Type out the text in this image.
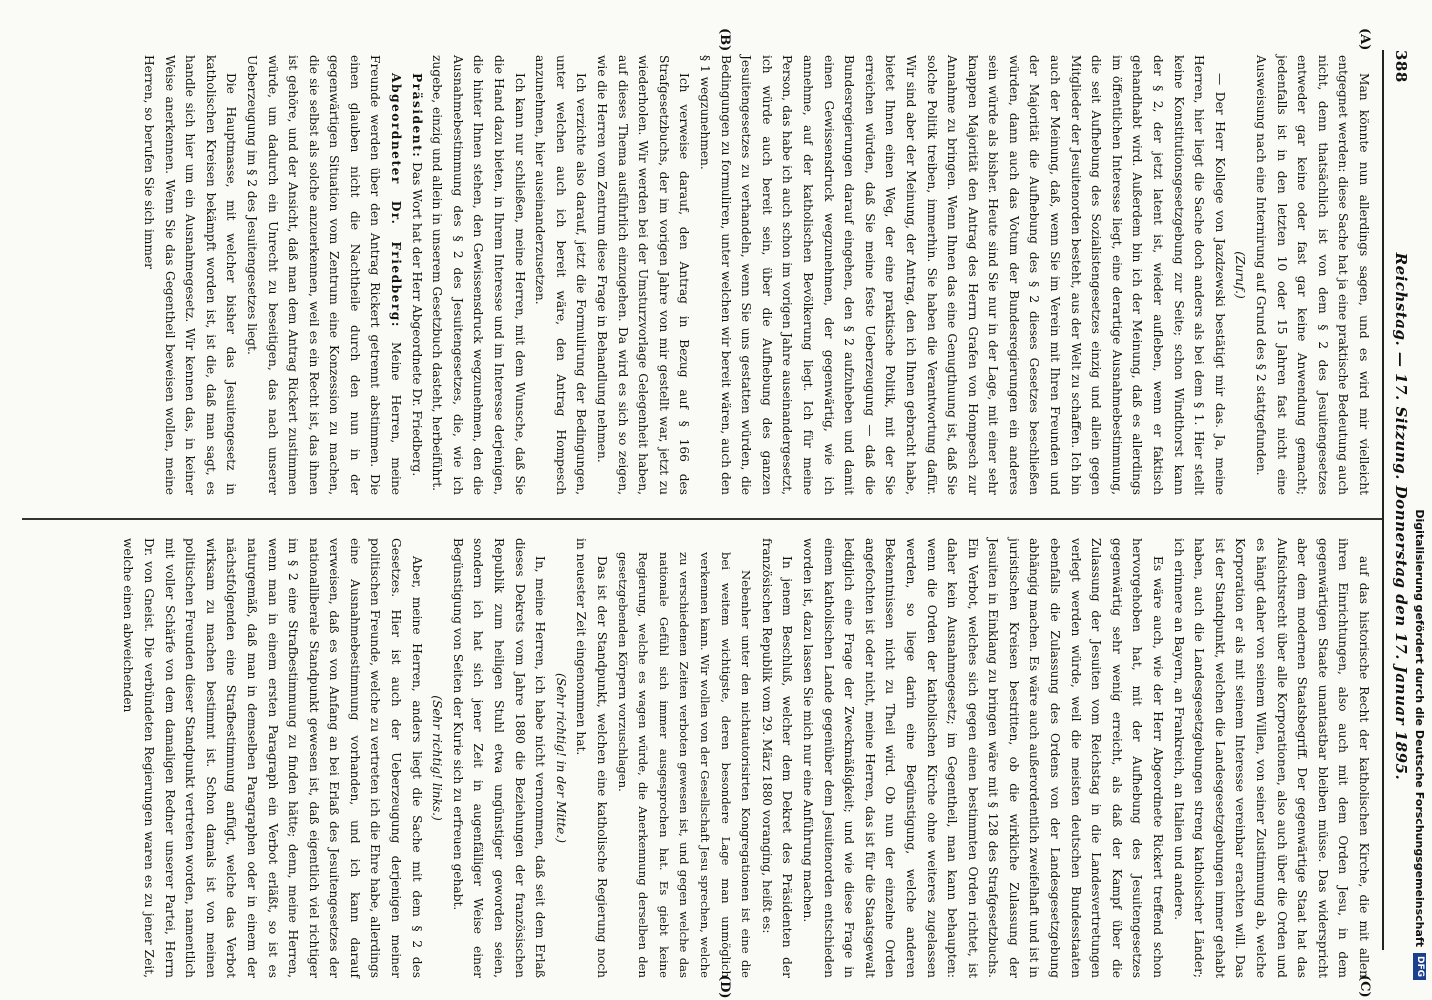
388
Reichstag. — 17. Sitzung. Donnerstag den 17. Januar 1895.
(A)
(B)
(C)
(D)

Man könnte nun allerdings sagen, und es wird mir vielleicht entgegnet werden: diese Sache hat ja eine praktische Bedeutung auch nicht, denn thatsächlich ist von dem § 2 des Jesuitengesetzes entweder gar keine oder fast gar keine Anwendung gemacht; jedenfalls ist in den letzten 10 oder 15 Jahren fast nicht eine Ausweisung nach eine Internirung auf Grund des § 2 stattgefunden.

(Zuruf.)

— Der Herr Kollege von Jazdzewski bestätigt mir das. Ja, meine Herren, hier liegt die Sache doch anders als bei dem § 1. Hier stellt keine Konstitutionsgesetzgebung zur Seite; schon Windthorst kann der § 2, der jetzt latent ist, wieder aufleben, wenn er faktisch gehandhabt wird. Außerdem bin ich der Meinung, daß es allerdings im öffentlichen Interesse liegt, eine derartige Ausnahmebestimmung, die seit Aufhebung des Sozialistengesetzes einzig und allein gegen Mitglieder der Jesuitenorden besteht, aus der Welt zu schaffen. Ich bin auch der Meinung, daß, wenn Sie im Verein mit Ihren Freunden und der Majorität die Aufhebung des § 2 dieses Gesetzes beschließen würden, dann auch das Votum der Bundesregierungen ein anderes sein würde als bisher. Heute sind Sie nur in der Lage, mit einer sehr knappen Majorität den Antrag des Herrn Grafen von Hompesch zur Annahme zu bringen. Wenn Ihnen das eine Genugthuung ist, daß Sie solche Politik treiben, immerhin. Sie haben die Verantwortung dafür. Wir sind aber der Meinung, der Antrag, den ich Ihnen gebracht habe, bietet Ihnen einen Weg, der eine praktische Politik, mit der Sie erreichen würden, daß Sie meine feste Ueberzeugung — daß die Bundesregierungen darauf eingehen, den § 2 aufzuheben und damit einen Gewissensdruck wegzunehmen, der gegenwärtig, wie ich annehme, auf der katholischen Bevölkerung liegt. Ich für meine Person, das habe ich auch schon im vorigen Jahre auseinandergesetzt, ich würde auch bereit sein, über die Aufhebung des ganzen Jesuitengesetzes zu verhandeln, wenn Sie uns gestatten würden, die Bedingungen zu formuliren, unter welchen wir bereit wären, auch den § 1 wegzunehmen.

Ich verweise darauf, den Antrag in Bezug auf § 166 des Strafgesetzbuchs, der im vorigen Jahre von mir gestellt war, jetzt zu wiederholen. Wir werden bei der Umsturzvorlage Gelegenheit haben, auf dieses Thema ausführlich einzugehen. Da wird es sich so zeigen, wie die Herren vom Zentrum diese Frage in Behandlung nehmen.

Ich verzichte also darauf, jetzt die Formulirung der Bedingungen, unter welchen auch ich bereit wäre, den Antrag Hompesch anzunehmen, hier auseinanderzusetzen.

Ich kann nur schließen, meine Herren, mit dem Wunsche, daß Sie die Hand dazu bieten, in Ihrem Interesse und im Interesse derjenigen, die hinter Ihnen stehen, den Gewissensdruck wegzunehmen, den die Ausnahmebestimmung des § 2 des Jesuitengesetzes, die, wie ich zugebe, einzig und allein in unserem Gesetzbuch dasteht, herbeiführt.

Präsident: Das Wort hat der Herr Abgeordnete Dr. Friedberg.

Abgeordneter Dr. Friedberg: Meine Herren, meine Freunde werden über den Antrag Rickert getrennt abstimmen. Die einen glauben nicht die Nachtheile durch den nun in der gegenwärtigen Situation vom Zentrum eine Konzession zu machen, die sie selbst als solche anzuerkennen, weil es ein Recht ist, das ihnen ist gehöre, und der Ansicht, daß man dem Antrag Rickert zustimmen würde, um dadurch ein Unrecht zu beseitigen, das nach unserer Ueberzeugung im § 2 des Jesuitengesetzes liegt.

Die Hauptmasse, mit welcher bisher das Jesuitengesetz in katholischen Kreisen bekämpft worden ist, ist die, daß man sagt, es handle sich hier um ein Ausnahmegesetz. Wir kennen das, in keiner Weise anerkennen. Wenn Sie das Gegentheil beweisen wollen, meine Herren, so berufen Sie sich immer

auf das historische Recht der katholischen Kirche, die mit allen ihren Einrichtungen, also auch mit dem Orden Jesu, in dem gegenwärtigen Staate unantastbar bleiben müsse. Das widerspricht aber dem modernen Staatsbegriff. Der gegenwärtige Staat hat das Aufsichtsrecht über alle Korporationen, also auch über die Orden und es hängt daher von seinem Willen, von seiner Zustimmung ab, welche Korporation er als mit seinem Interesse vereinbar erachten will. Das ist der Standpunkt, welchen die Landesgesetzgebungen immer gehabt haben, auch die Landesgesetzgebungen streng katholischer Länder; ich erinnere an Bayern, an Frankreich, an Italien und andere.

Es wäre auch, wie der Herr Abgeordnete Rickert treffend schon hervorgehoben hat, mit der Aufhebung des Jesuitengesetzes gegenwärtig sehr wenig erreicht, als daß der Kampf über die Zulassung der Jesuiten vom Reichstag in die Landesvertretungen verlegt werden würde, weil die meisten deutschen Bundesstaaten ebenfalls die Zulassung des Ordens von der Landesgesetzgebung abhängig machen. Es wäre auch außerordentlich zweifelhaft und ist in juristischen Kreisen bestritten, ob die wirkliche Zulassung der Jesuiten in Einklang zu bringen wäre mit § 128 des Strafgesetzbuchs. Ein Verbot, welches sich gegen einen bestimmten Orden richtet, ist daher kein Ausnahmegesetz; im Gegentheil, man kann behaupten: wenn die Orden der katholischen Kirche ohne weiteres zugelassen werden, so liege darin eine Begünstigung, welche anderen Bekenntnissen nicht zu Theil wird. Ob nun der einzelne Orden angefochten ist oder nicht, meine Herren, das ist für die Staatsgewalt lediglich eine Frage der Zweckmäßigkeit; und wie diese Frage in einem katholischen Lande gegenüber dem Jesuitenorden entschieden worden ist, dazu lassen Sie mich nur eine Anführung machen.

In jenem Beschluß, welcher dem Dekret des Präsidenten der französischen Republik vom 29. März 1880 voranging, heißt es:

Nebenher unter den nichtautorisirten Kongregationen ist eine die bei weitem wichtigste, deren besondere Lage man unmöglich verkennen kann. Wir wollen von der Gesellschaft Jesu sprechen, welche zu verschiedenen Zeiten verboten gewesen ist, und gegen welche das nationale Gefühl sich immer ausgesprochen hat. Es giebt keine Regierung, welche es wagen würde, die Anerkennung derselben den gesetzgebenden Körpern vorzuschlagen.

Das ist der Standpunkt, welchen eine katholische Regierung noch in neuester Zeit eingenommen hat.

(Sehr richtig! in der Mitte.)

In, meine Herren, ich habe nicht vernommen, daß seit dem Erlaß dieses Dekrets vom Jahre 1880 die Beziehungen der französischen Republik zum heiligen Stuhl etwa ungünstiger geworden seien, sondern ich hat sich jener Zeit in augenfälliger Weise einer Begünstigung von Seiten der Kurie sich zu erfreuen gehabt.

(Sehr richtig! links.)

Aber, meine Herren, anders liegt die Sache mit dem § 2 des Gesetzes. Hier ist auch der Ueberzeugung derjenigen meiner politischen Freunde, welche zu vertreten ich die Ehre habe, allerdings eine Ausnahmebestimmung vorhanden, und ich kann darauf verweisen, daß es von Anfang an bei Erlaß des Jesuitengesetzes der nationalliberale Standpunkt gewesen ist, daß eigentlich viel richtiger im § 2 eine Strafbestimmung zu finden hätte; denn, meine Herren, wenn man in einem ersten Paragraph ein Verbot erläßt, so ist es naturgemäß, daß man in demselben Paragraphen oder in einem der nächstfolgenden eine Strafbestimmung anfügt, welche das Verbot wirksam zu machen bestimmt ist. Schon damals ist von meinen politischen Freunden dieser Standpunkt vertreten worden, namentlich mit voller Schärfe von dem damaligen Redner unserer Partei, Herrn Dr. von Gneist. Die verbündeten Regierungen waren es zu jener Zeit, welche einen abweichenden	Digitalisierung gefördert durch die Deutsche Forschungsgemeinschaft
DFG
